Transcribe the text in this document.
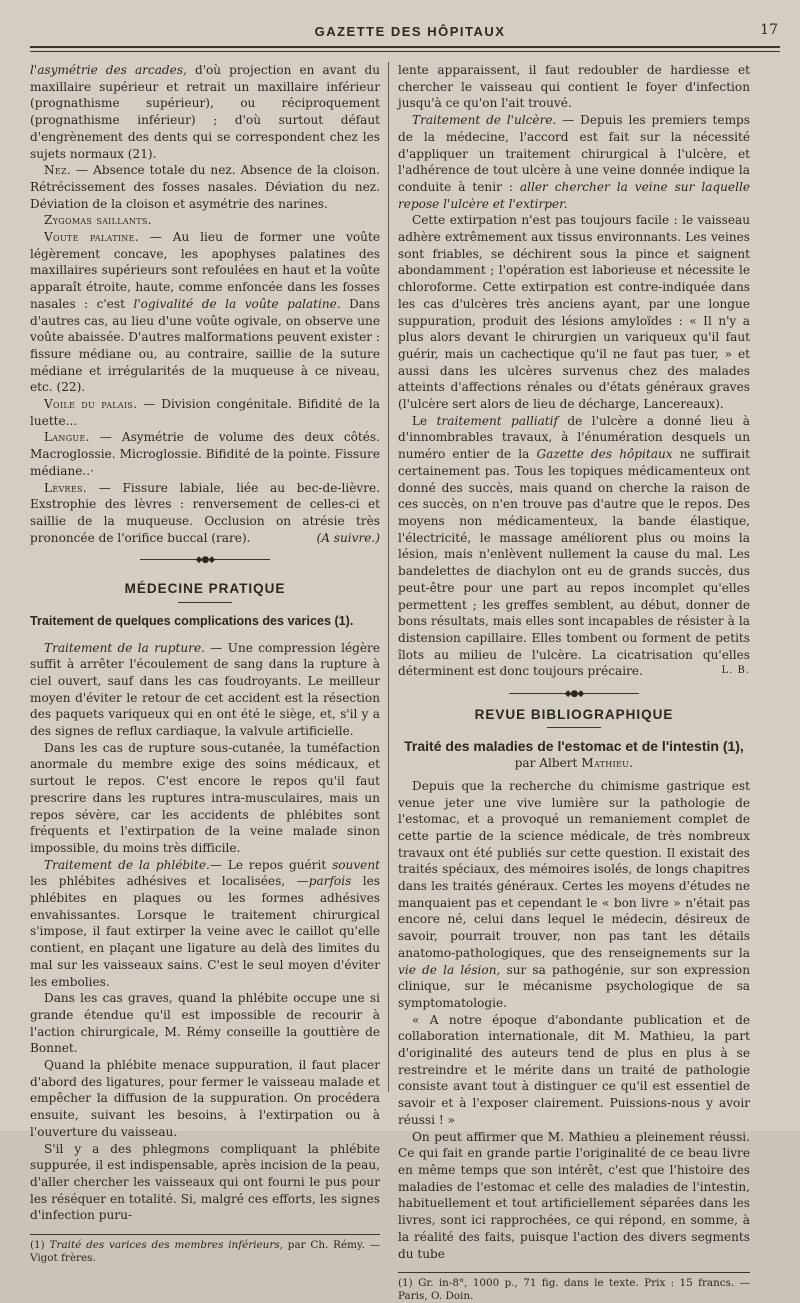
GAZETTE DES HÔPITAUX	17

l'asymétrie des arcades, d'où projection en avant du maxillaire supérieur et retrait un maxillaire inférieur (prognathisme supérieur), ou réciproquement (prognathisme inférieur) ; d'où surtout défaut d'engrènement des dents qui se correspondent chez les sujets normaux (21).

Nez. — Absence totale du nez. Absence de la cloison. Rétrécissement des fosses nasales. Déviation du nez. Déviation de la cloison et asymétrie des narines.

Zygomas saillants.

Voute palatine. — Au lieu de former une voûte légèrement concave, les apophyses palatines des maxillaires supérieurs sont refoulées en haut et la voûte apparaît étroite, haute, comme enfoncée dans les fosses nasales : c'est l'ogivalité de la voûte palatine. Dans d'autres cas, au lieu d'une voûte ogivale, on observe une voûte abaissée. D'autres malformations peuvent exister : fissure médiane ou, au contraire, saillie de la suture médiane et irrégularités de la muqueuse à ce niveau, etc. (22).

Voile du palais. — Division congénitale. Bifidité de la luette...

Langue. — Asymétrie de volume des deux côtés. Macroglossie. Microglossie. Bifidité de la pointe. Fissure médiane..·

Lèvres. — Fissure labiale, liée au bec-de-lièvre. Exstrophie des lèvres : renversement de celles-ci et saillie de la muqueuse. Occlusion on atrésie très prononcée de l'orifice buccal (rare).	(A suivre.)

◆●◆
MÉDECINE PRATIQUE

Traitement de quelques complications des varices (1).

Traitement de la rupture. — Une compression légère suffit à arrêter l'écoulement de sang dans la rupture à ciel ouvert, sauf dans les cas foudroyants. Le meilleur moyen d'éviter le retour de cet accident est la résection des paquets variqueux qui en ont été le siège, et, s'il y a des signes de reflux cardiaque, la valvule artificielle.

Dans les cas de rupture sous-cutanée, la tuméfaction anormale du membre exige des soins médicaux, et surtout le repos. C'est encore le repos qu'il faut prescrire dans les ruptures intra-musculaires, mais un repos sévère, car les accidents de phlébites sont fréquents et l'extirpation de la veine malade sinon impossible, du moins très difficile.

Traitement de la phlébite.— Le repos guérit souvent les phlébites adhésives et localisées, —parfois les phlébites en plaques ou les formes adhésives envahissantes. Lorsque le traitement chirurgical s'impose, il faut extirper la veine avec le caillot qu'elle contient, en plaçant une ligature au delà des limites du mal sur les vaisseaux sains. C'est le seul moyen d'éviter les embolies.

Dans les cas graves, quand la phlébite occupe une si grande étendue qu'il est impossible de recourir à l'action chirurgicale, M. Rémy conseille la gouttière de Bonnet.

Quand la phlébite menace suppuration, il faut placer d'abord des ligatures, pour fermer le vaisseau malade et empêcher la diffusion de la suppuration. On procédera ensuite, suivant les besoins, à l'extirpation ou à l'ouverture du vaisseau.

S'il y a des phlegmons compliquant la phlébite suppurée, il est indispensable, après incision de la peau, d'aller chercher les vaisseaux qui ont fourni le pus pour les réséquer en totalité. Si, malgré ces efforts, les signes d'infection puru-

(1) Traité des varices des membres inférieurs, par Ch. Rémy. — Vigot frères.

lente apparaissent, il faut redoubler de hardiesse et chercher le vaisseau qui contient le foyer d'infection jusqu'à ce qu'on l'ait trouvé.

Traitement de l'ulcère. — Depuis les premiers temps de la médecine, l'accord est fait sur la nécessité d'appliquer un traitement chirurgical à l'ulcère, et l'adhérence de tout ulcère à une veine donnée indique la conduite à tenir : aller chercher la veine sur laquelle repose l'ulcère et l'extirper.

Cette extirpation n'est pas toujours facile : le vaisseau adhère extrêmement aux tissus environnants. Les veines sont friables, se déchirent sous la pince et saignent abondamment ; l'opération est laborieuse et nécessite le chloroforme. Cette extirpation est contre-indiquée dans les cas d'ulcères très anciens ayant, par une longue suppuration, produit des lésions amyloïdes : « Il n'y a plus alors devant le chirurgien un variqueux qu'il faut guérir, mais un cachectique qu'il ne faut pas tuer, » et aussi dans les ulcères survenus chez des malades atteints d'affections rénales ou d'états généraux graves (l'ulcère sert alors de lieu de décharge, Lancereaux).

Le traitement palliatif de l'ulcère a donné lieu à d'innombrables travaux, à l'énumération desquels un numéro entier de la Gazette des hôpitaux ne suffirait certainement pas. Tous les topiques médicamenteux ont donné des succès, mais quand on cherche la raison de ces succès, on n'en trouve pas d'autre que le repos. Des moyens non médicamenteux, la bande élastique, l'électricité, le massage améliorent plus ou moins la lésion, mais n'enlèvent nullement la cause du mal. Les bandelettes de diachylon ont eu de grands succès, dus peut-être pour une part au repos incomplet qu'elles permettent ; les greffes semblent, au début, donner de bons résultats, mais elles sont incapables de résister à la distension capillaire. Elles tombent ou forment de petits îlots au milieu de l'ulcère. La cicatrisation qu'elles déterminent est donc toujours précaire.	L. B.

◆●◆
REVUE BIBLIOGRAPHIQUE
Traité des maladies de l'estomac et de l'intestin (1),
par Albert Mathieu.

Depuis que la recherche du chimisme gastrique est venue jeter une vive lumière sur la pathologie de l'estomac, et a provoqué un remaniement complet de cette partie de la science médicale, de très nombreux travaux ont été publiés sur cette question. Il existait des traités spéciaux, des mémoires isolés, de longs chapitres dans les traités généraux. Certes les moyens d'études ne manquaient pas et cependant le « bon livre » n'était pas encore né, celui dans lequel le médecin, désireux de savoir, pourrait trouver, non pas tant les détails anatomo-pathologiques, que des renseignements sur la vie de la lésion, sur sa pathogénie, sur son expression clinique, sur le mécanisme psychologique de sa symptomatologie.

« A notre époque d'abondante publication et de collaboration internationale, dit M. Mathieu, la part d'originalité des auteurs tend de plus en plus à se restreindre et le mérite dans un traité de pathologie consiste avant tout à distinguer ce qu'il est essentiel de savoir et à l'exposer clairement. Puissions-nous y avoir réussi ! »

On peut affirmer que M. Mathieu a pleinement réussi. Ce qui fait en grande partie l'originalité de ce beau livre en même temps que son intérêt, c'est que l'histoire des maladies de l'estomac et celle des maladies de l'intestin, habituellement et tout artificiellement séparées dans les livres, sont ici rapprochées, ce qui répond, en somme, à la réalité des faits, puisque l'action des divers segments du tube

(1) Gr. in-8°, 1000 p., 71 fig. dans le texte. Prix : 15 francs. — Paris, O. Doin.
